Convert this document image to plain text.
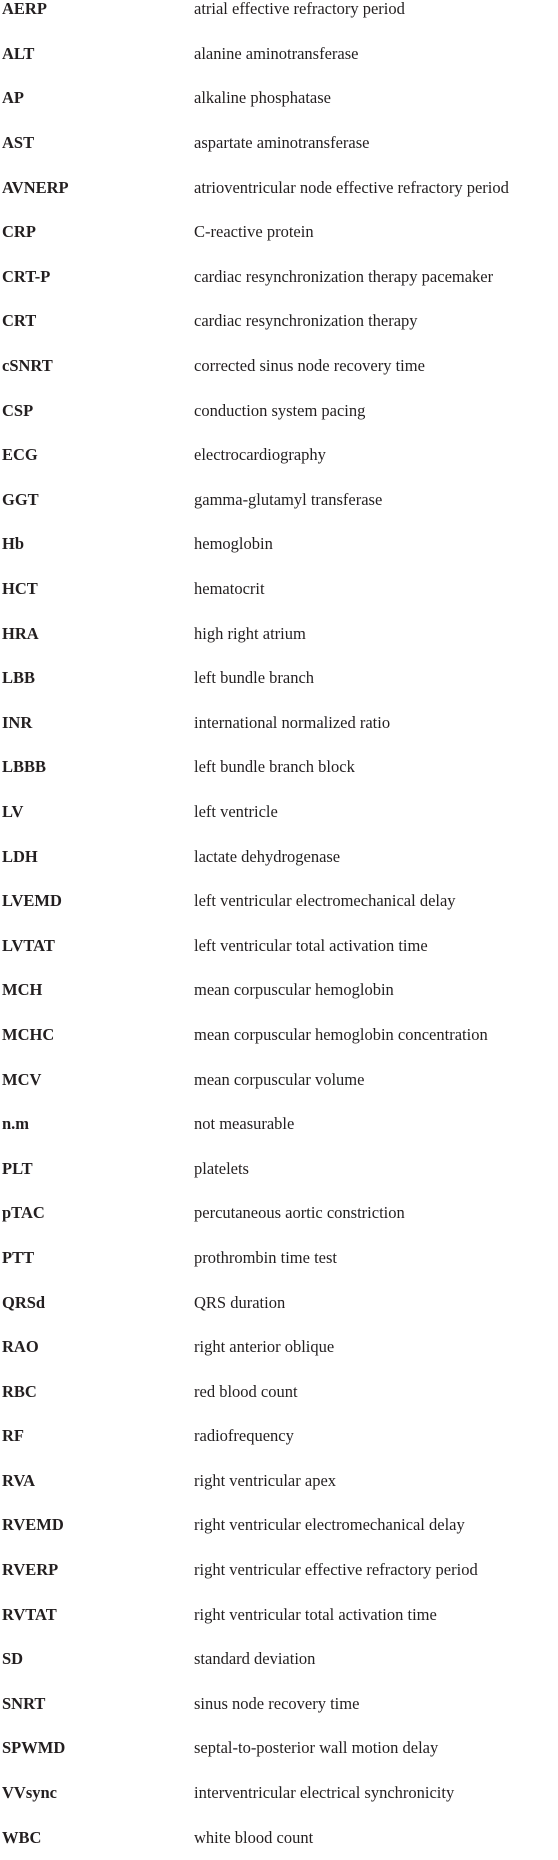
AERP	atrial effective refractory period
ALT	alanine aminotransferase
AP	alkaline phosphatase
AST	aspartate aminotransferase
AVNERP	atrioventricular node effective refractory period
CRP	C-reactive protein
CRT-P	cardiac resynchronization therapy pacemaker
CRT	cardiac resynchronization therapy
cSNRT	corrected sinus node recovery time
CSP	conduction system pacing
ECG	electrocardiography
GGT	gamma-glutamyl transferase
Hb	hemoglobin
HCT	hematocrit
HRA	high right atrium
LBB	left bundle branch
INR	international normalized ratio
LBBB	left bundle branch block
LV	left ventricle
LDH	lactate dehydrogenase
LVEMD	left ventricular electromechanical delay
LVTAT	left ventricular total activation time
MCH	mean corpuscular hemoglobin
MCHC	mean corpuscular hemoglobin concentration
MCV	mean corpuscular volume
n.m	not measurable
PLT	platelets
pTAC	percutaneous aortic constriction
PTT	prothrombin time test
QRSd	QRS duration
RAO	right anterior oblique
RBC	red blood count
RF	radiofrequency
RVA	right ventricular apex
RVEMD	right ventricular electromechanical delay
RVERP	right ventricular effective refractory period
RVTAT	right ventricular total activation time
SD	standard deviation
SNRT	sinus node recovery time
SPWMD	septal-to-posterior wall motion delay
VVsync	interventricular electrical synchronicity
WBC	white blood count
